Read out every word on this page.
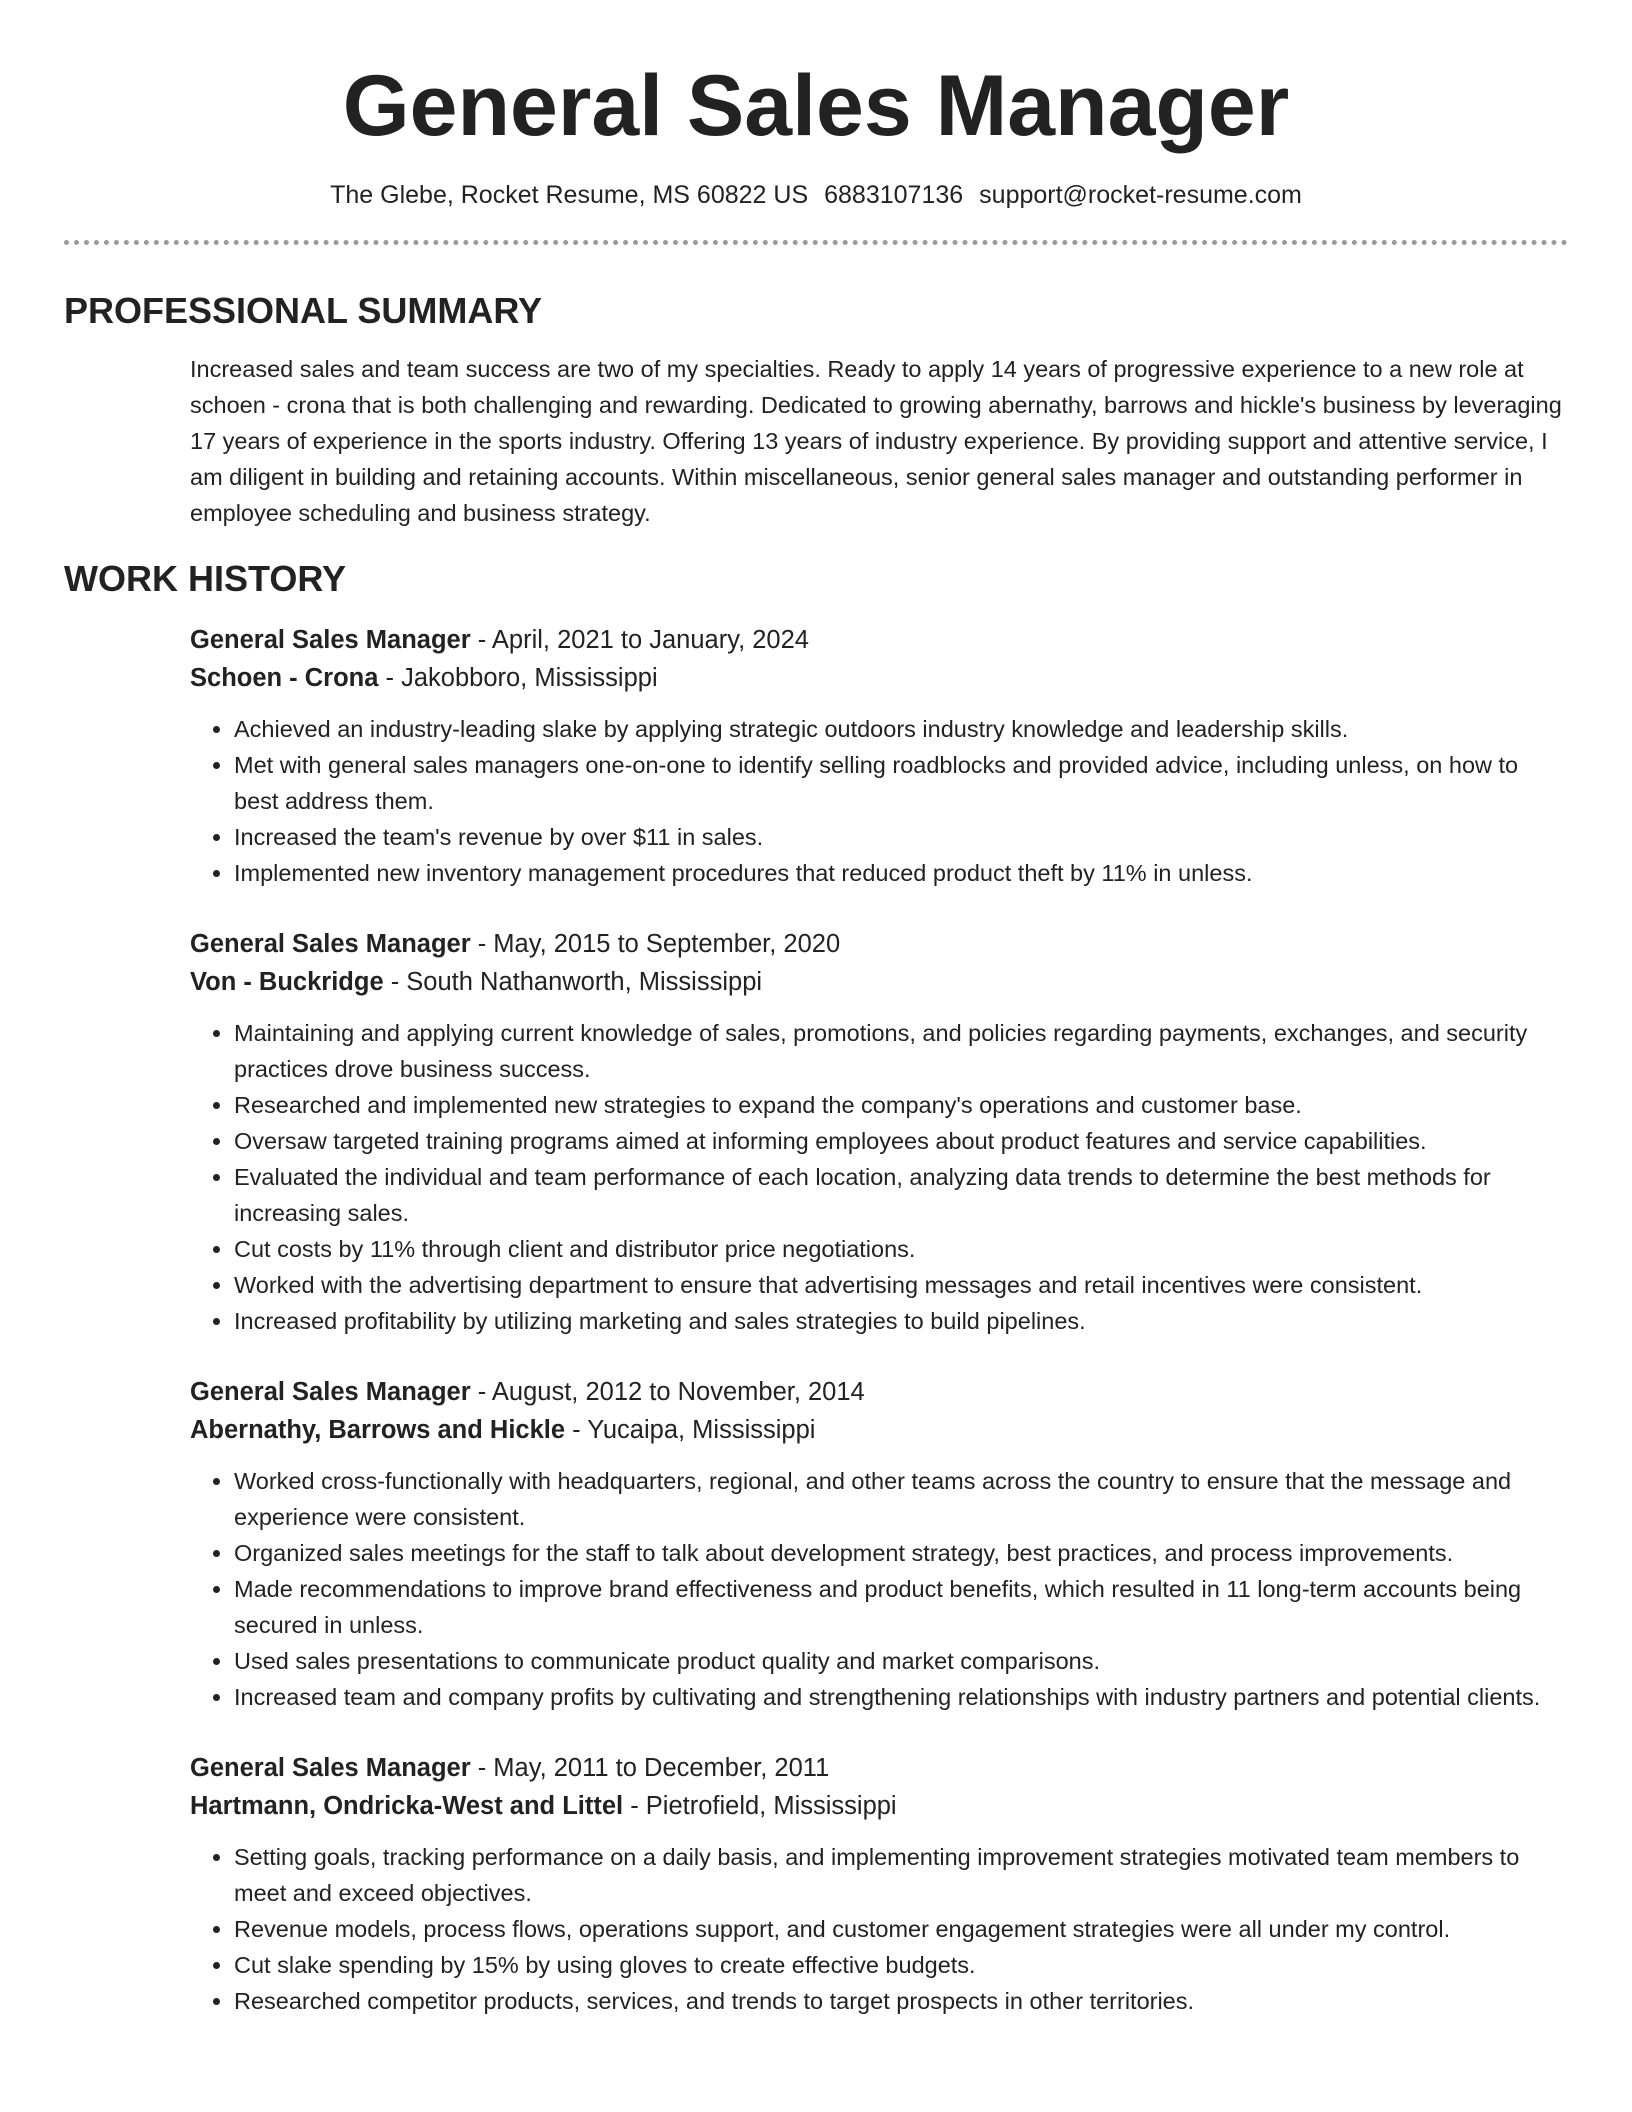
General Sales Manager
The Glebe, Rocket Resume, MS 60822 US 6883107136 support@rocket-resume.com
PROFESSIONAL SUMMARY
Increased sales and team success are two of my specialties. Ready to apply 14 years of progressive experience to a new role at schoen - crona that is both challenging and rewarding. Dedicated to growing abernathy, barrows and hickle's business by leveraging 17 years of experience in the sports industry. Offering 13 years of industry experience. By providing support and attentive service, I am diligent in building and retaining accounts. Within miscellaneous, senior general sales manager and outstanding performer in employee scheduling and business strategy.
WORK HISTORY
General Sales Manager - April, 2021 to January, 2024
Schoen - Crona - Jakobboro, Mississippi
• Achieved an industry-leading slake by applying strategic outdoors industry knowledge and leadership skills.
• Met with general sales managers one-on-one to identify selling roadblocks and provided advice, including unless, on how to best address them.
• Increased the team's revenue by over $11 in sales.
• Implemented new inventory management procedures that reduced product theft by 11% in unless.
General Sales Manager - May, 2015 to September, 2020
Von - Buckridge - South Nathanworth, Mississippi
• Maintaining and applying current knowledge of sales, promotions, and policies regarding payments, exchanges, and security practices drove business success.
• Researched and implemented new strategies to expand the company's operations and customer base.
• Oversaw targeted training programs aimed at informing employees about product features and service capabilities.
• Evaluated the individual and team performance of each location, analyzing data trends to determine the best methods for increasing sales.
• Cut costs by 11% through client and distributor price negotiations.
• Worked with the advertising department to ensure that advertising messages and retail incentives were consistent.
• Increased profitability by utilizing marketing and sales strategies to build pipelines.
General Sales Manager - August, 2012 to November, 2014
Abernathy, Barrows and Hickle - Yucaipa, Mississippi
• Worked cross-functionally with headquarters, regional, and other teams across the country to ensure that the message and experience were consistent.
• Organized sales meetings for the staff to talk about development strategy, best practices, and process improvements.
• Made recommendations to improve brand effectiveness and product benefits, which resulted in 11 long-term accounts being secured in unless.
• Used sales presentations to communicate product quality and market comparisons.
• Increased team and company profits by cultivating and strengthening relationships with industry partners and potential clients.
General Sales Manager - May, 2011 to December, 2011
Hartmann, Ondricka-West and Littel - Pietrofield, Mississippi
• Setting goals, tracking performance on a daily basis, and implementing improvement strategies motivated team members to meet and exceed objectives.
• Revenue models, process flows, operations support, and customer engagement strategies were all under my control.
• Cut slake spending by 15% by using gloves to create effective budgets.
• Researched competitor products, services, and trends to target prospects in other territories.
